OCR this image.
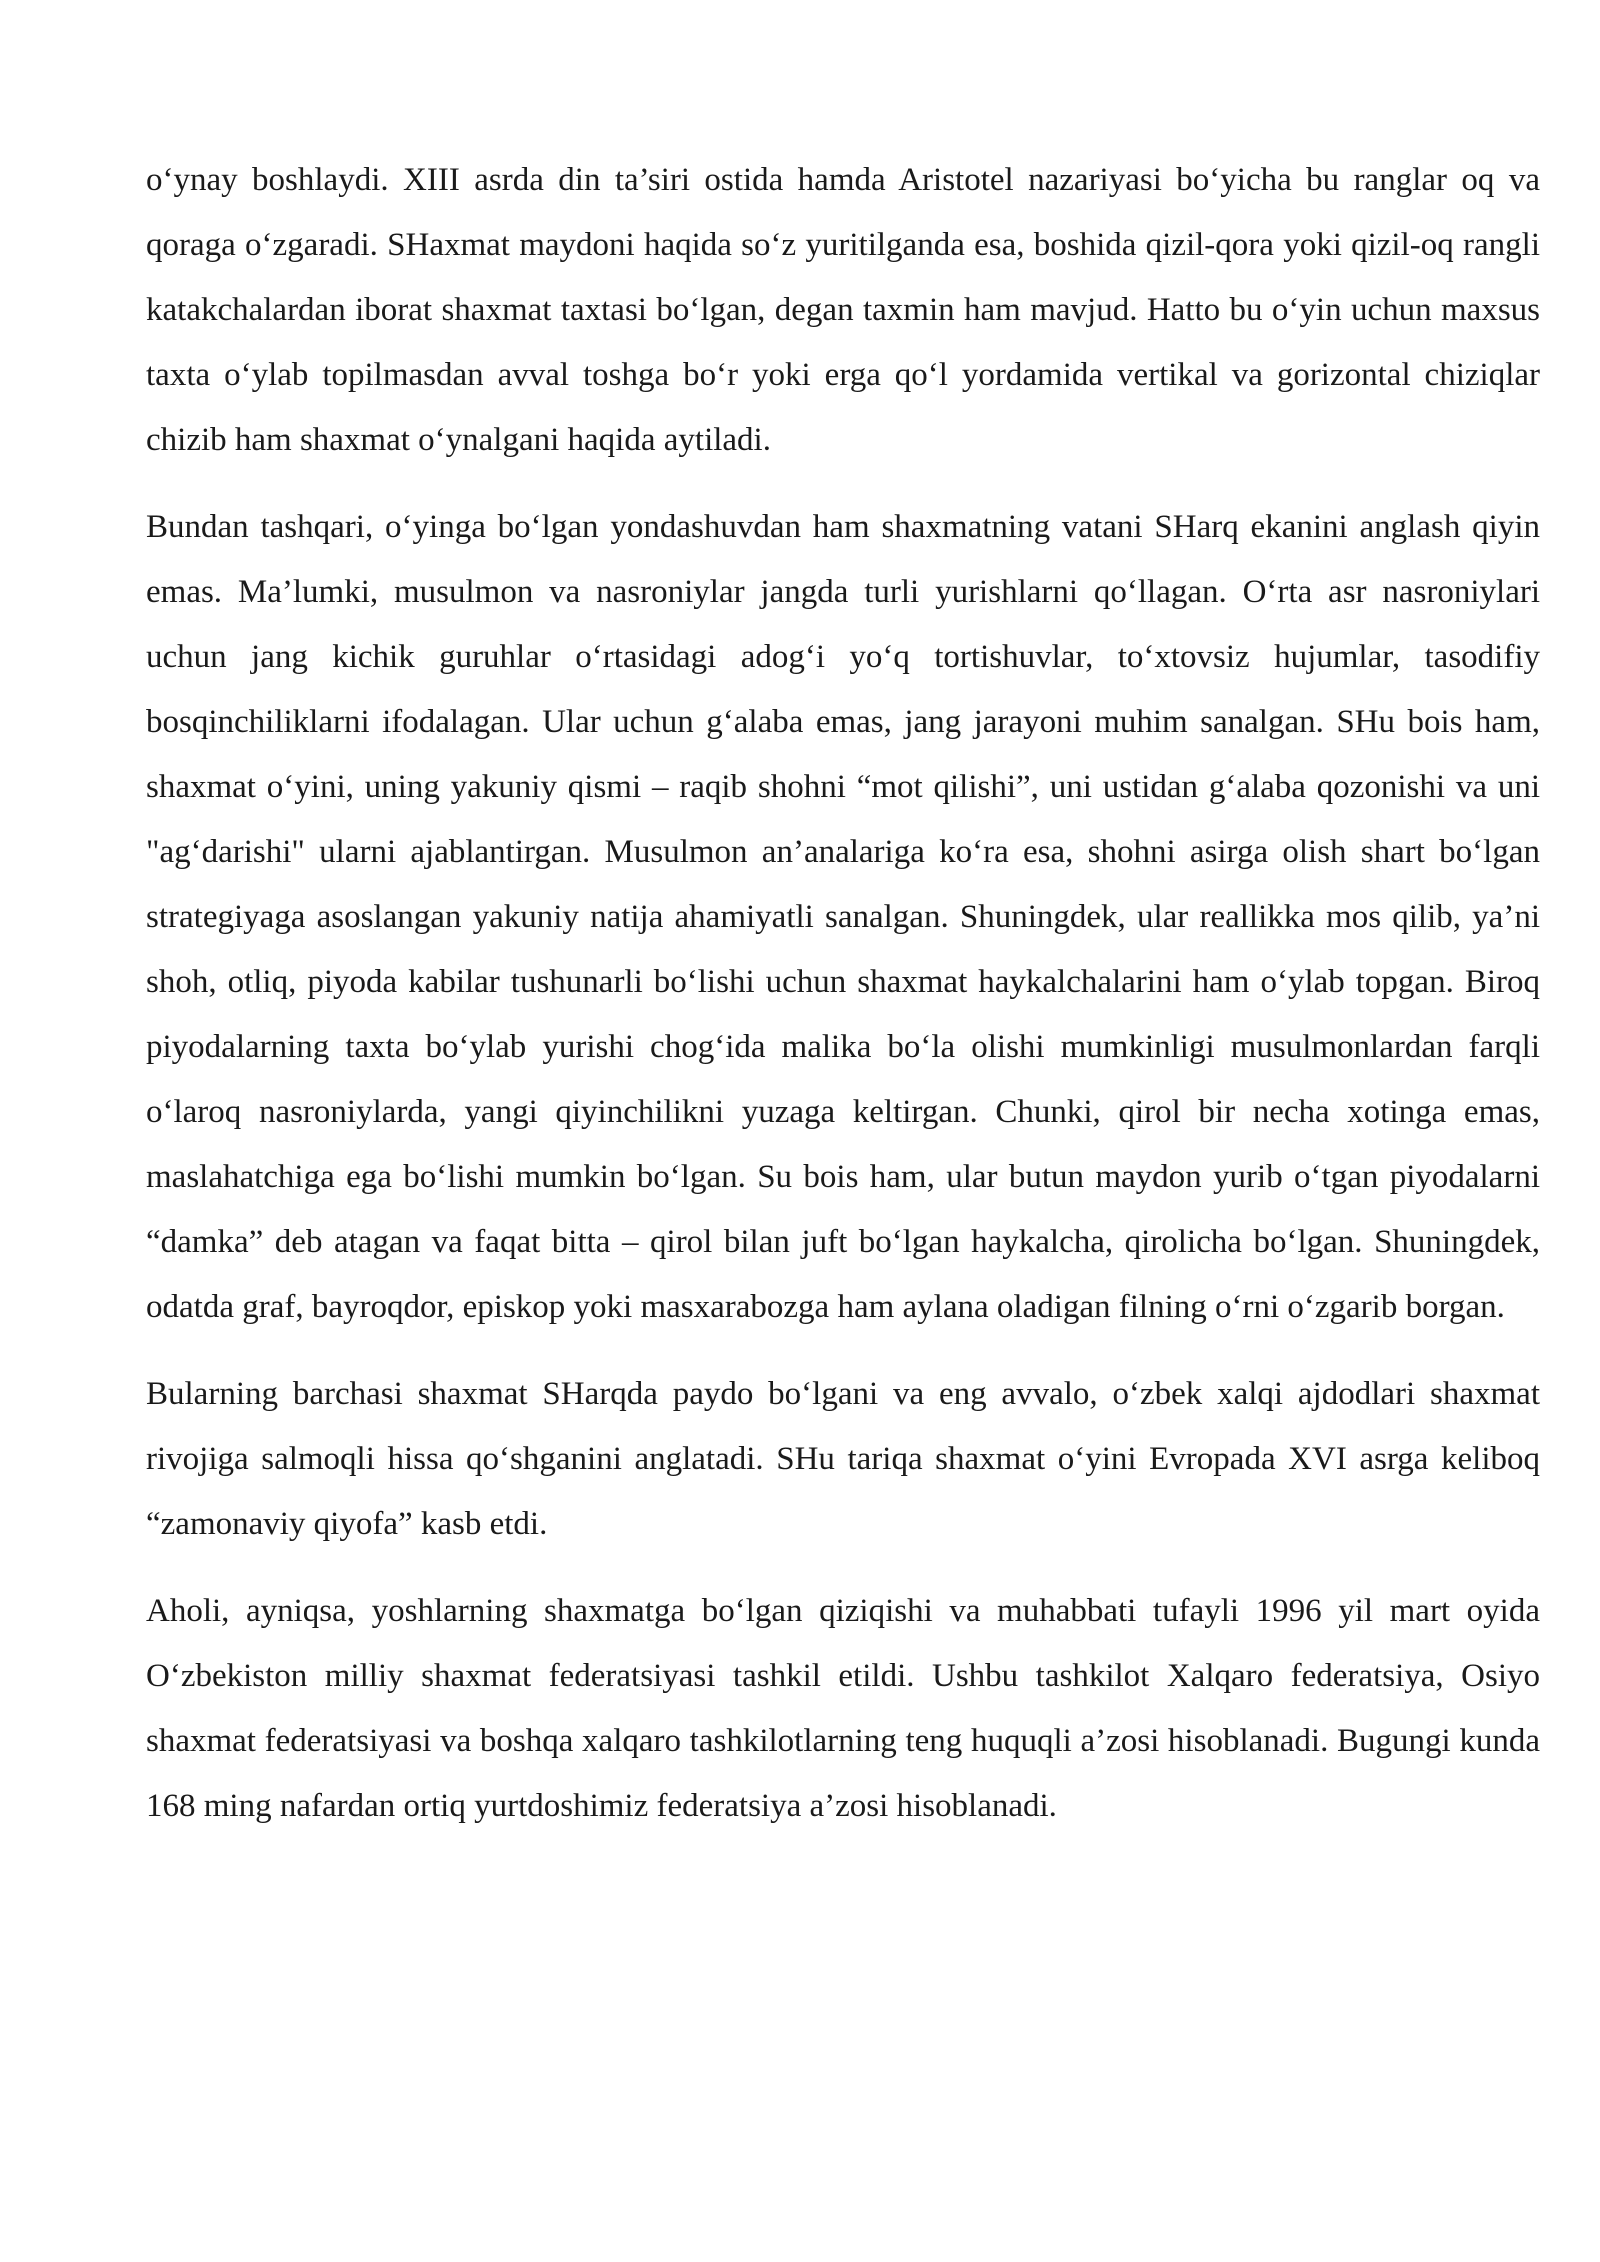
o‘ynay boshlaydi. XIII asrda din ta’siri ostida hamda Aristotel nazariyasi bo‘yicha bu ranglar oq va qoraga o‘zgaradi. SHaxmat maydoni haqida so‘z yuritilganda esa, boshida qizil-qora yoki qizil-oq rangli katakchalardan iborat shaxmat taxtasi bo‘lgan, degan taxmin ham mavjud. Hatto bu o‘yin uchun maxsus taxta o‘ylab topilmasdan avval toshga bo‘r yoki erga qo‘l yordamida vertikal va gorizontal chiziqlar chizib ham shaxmat o‘ynalgani haqida aytiladi.

Bundan tashqari, o‘yinga bo‘lgan yondashuvdan ham shaxmatning vatani SHarq ekanini anglash qiyin emas. Ma’lumki, musulmon va nasroniylar jangda turli yurishlarni qo‘llagan. O‘rta asr nasroniylari uchun jang kichik guruhlar o‘rtasidagi adog‘i yo‘q tortishuvlar, to‘xtovsiz hujumlar, tasodifiy bosqinchiliklarni ifodalagan. Ular uchun g‘alaba emas, jang jarayoni muhim sanalgan. SHu bois ham, shaxmat o‘yini, uning yakuniy qismi – raqib shohni “mot qilishi”, uni ustidan g‘alaba qozonishi va uni "ag‘darishi" ularni ajablantirgan. Musulmon an’analariga ko‘ra esa, shohni asirga olish shart bo‘lgan strategiyaga asoslangan yakuniy natija ahamiyatli sanalgan. Shuningdek, ular reallikka mos qilib, ya’ni shoh, otliq, piyoda kabilar tushunarli bo‘lishi uchun shaxmat haykalchalarini ham o‘ylab topgan. Biroq piyodalarning taxta bo‘ylab yurishi chog‘ida malika bo‘la olishi mumkinligi musulmonlardan farqli o‘laroq nasroniylarda, yangi qiyinchilikni yuzaga keltirgan. Chunki, qirol bir necha xotinga emas, maslahatchiga ega bo‘lishi mumkin bo‘lgan. Su bois ham, ular butun maydon yurib o‘tgan piyodalarni “damka” deb atagan va faqat bitta – qirol bilan juft bo‘lgan haykalcha, qirolicha bo‘lgan. Shuningdek, odatda graf, bayroqdor, episkop yoki masxarabozga ham aylana oladigan filning o‘rni o‘zgarib borgan.

Bularning barchasi shaxmat SHarqda paydo bo‘lgani va eng avvalo, o‘zbek xalqi ajdodlari shaxmat rivojiga salmoqli hissa qo‘shganini anglatadi. SHu tariqa shaxmat o‘yini Evropada XVI asrga keliboq “zamonaviy qiyofa” kasb etdi.

Aholi, ayniqsa, yoshlarning shaxmatga bo‘lgan qiziqishi va muhabbati tufayli 1996 yil mart oyida O‘zbekiston milliy shaxmat federatsiyasi tashkil etildi. Ushbu tashkilot Xalqaro federatsiya, Osiyo shaxmat federatsiyasi va boshqa xalqaro tashkilotlarning teng huquqli a’zosi hisoblanadi. Bugungi kunda 168 ming nafardan ortiq yurtdoshimiz federatsiya a’zosi hisoblanadi.
